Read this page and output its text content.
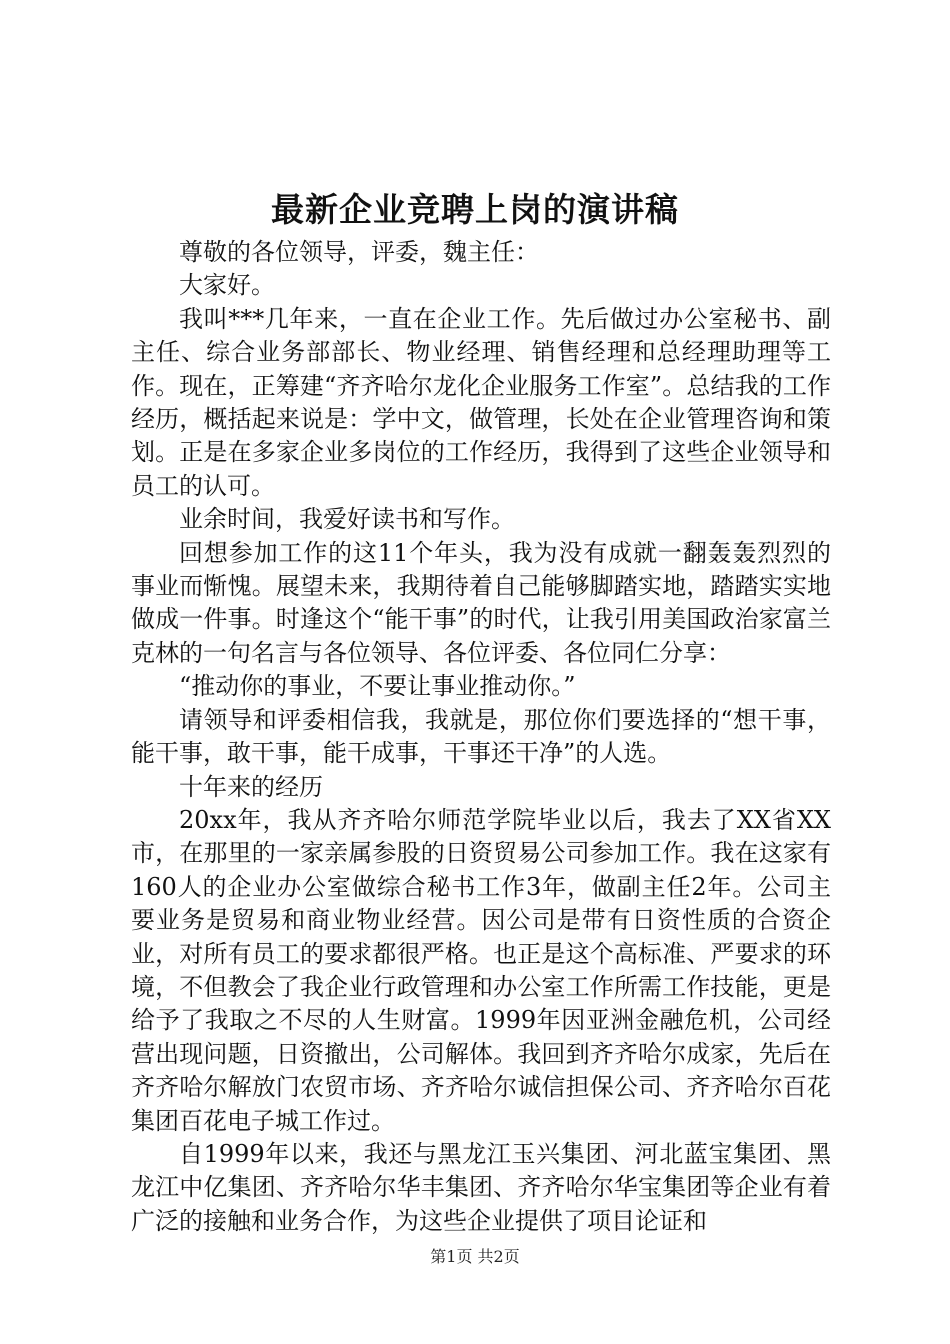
最新企业竞聘上岗的演讲稿

尊敬的各位领导，评委，魏主任：

大家好。

我叫***几年来，一直在企业工作。先后做过办公室秘书、副主任、综合业务部部长、物业经理、销售经理和总经理助理等工作。现在，正筹建“齐齐哈尔龙化企业服务工作室”。总结我的工作经历，概括起来说是：学中文，做管理，长处在企业管理咨询和策划。正是在多家企业多岗位的工作经历，我得到了这些企业领导和员工的认可。

业余时间，我爱好读书和写作。

回想参加工作的这11个年头，我为没有成就一翻轰轰烈烈的事业而惭愧。展望未来，我期待着自己能够脚踏实地，踏踏实实地做成一件事。时逢这个“能干事”的时代，让我引用美国政治家富兰克林的一句名言与各位领导、各位评委、各位同仁分享：

“推动你的事业，不要让事业推动你。”

请领导和评委相信我，我就是，那位你们要选择的“想干事，能干事，敢干事，能干成事，干事还干净”的人选。

十年来的经历

20xx年，我从齐齐哈尔师范学院毕业以后，我去了XX省XX市，在那里的一家亲属参股的日资贸易公司参加工作。我在这家有160人的企业办公室做综合秘书工作3年，做副主任2年。公司主要业务是贸易和商业物业经营。因公司是带有日资性质的合资企业，对所有员工的要求都很严格。也正是这个高标准、严要求的环境，不但教会了我企业行政管理和办公室工作所需工作技能，更是给予了我取之不尽的人生财富。1999年因亚洲金融危机，公司经营出现问题，日资撤出，公司解体。我回到齐齐哈尔成家，先后在齐齐哈尔解放门农贸市场、齐齐哈尔诚信担保公司、齐齐哈尔百花集团百花电子城工作过。

自1999年以来，我还与黑龙江玉兴集团、河北蓝宝集团、黑龙江中亿集团、齐齐哈尔华丰集团、齐齐哈尔华宝集团等企业有着广泛的接触和业务合作，为这些企业提供了项目论证和

第1页 共2页
